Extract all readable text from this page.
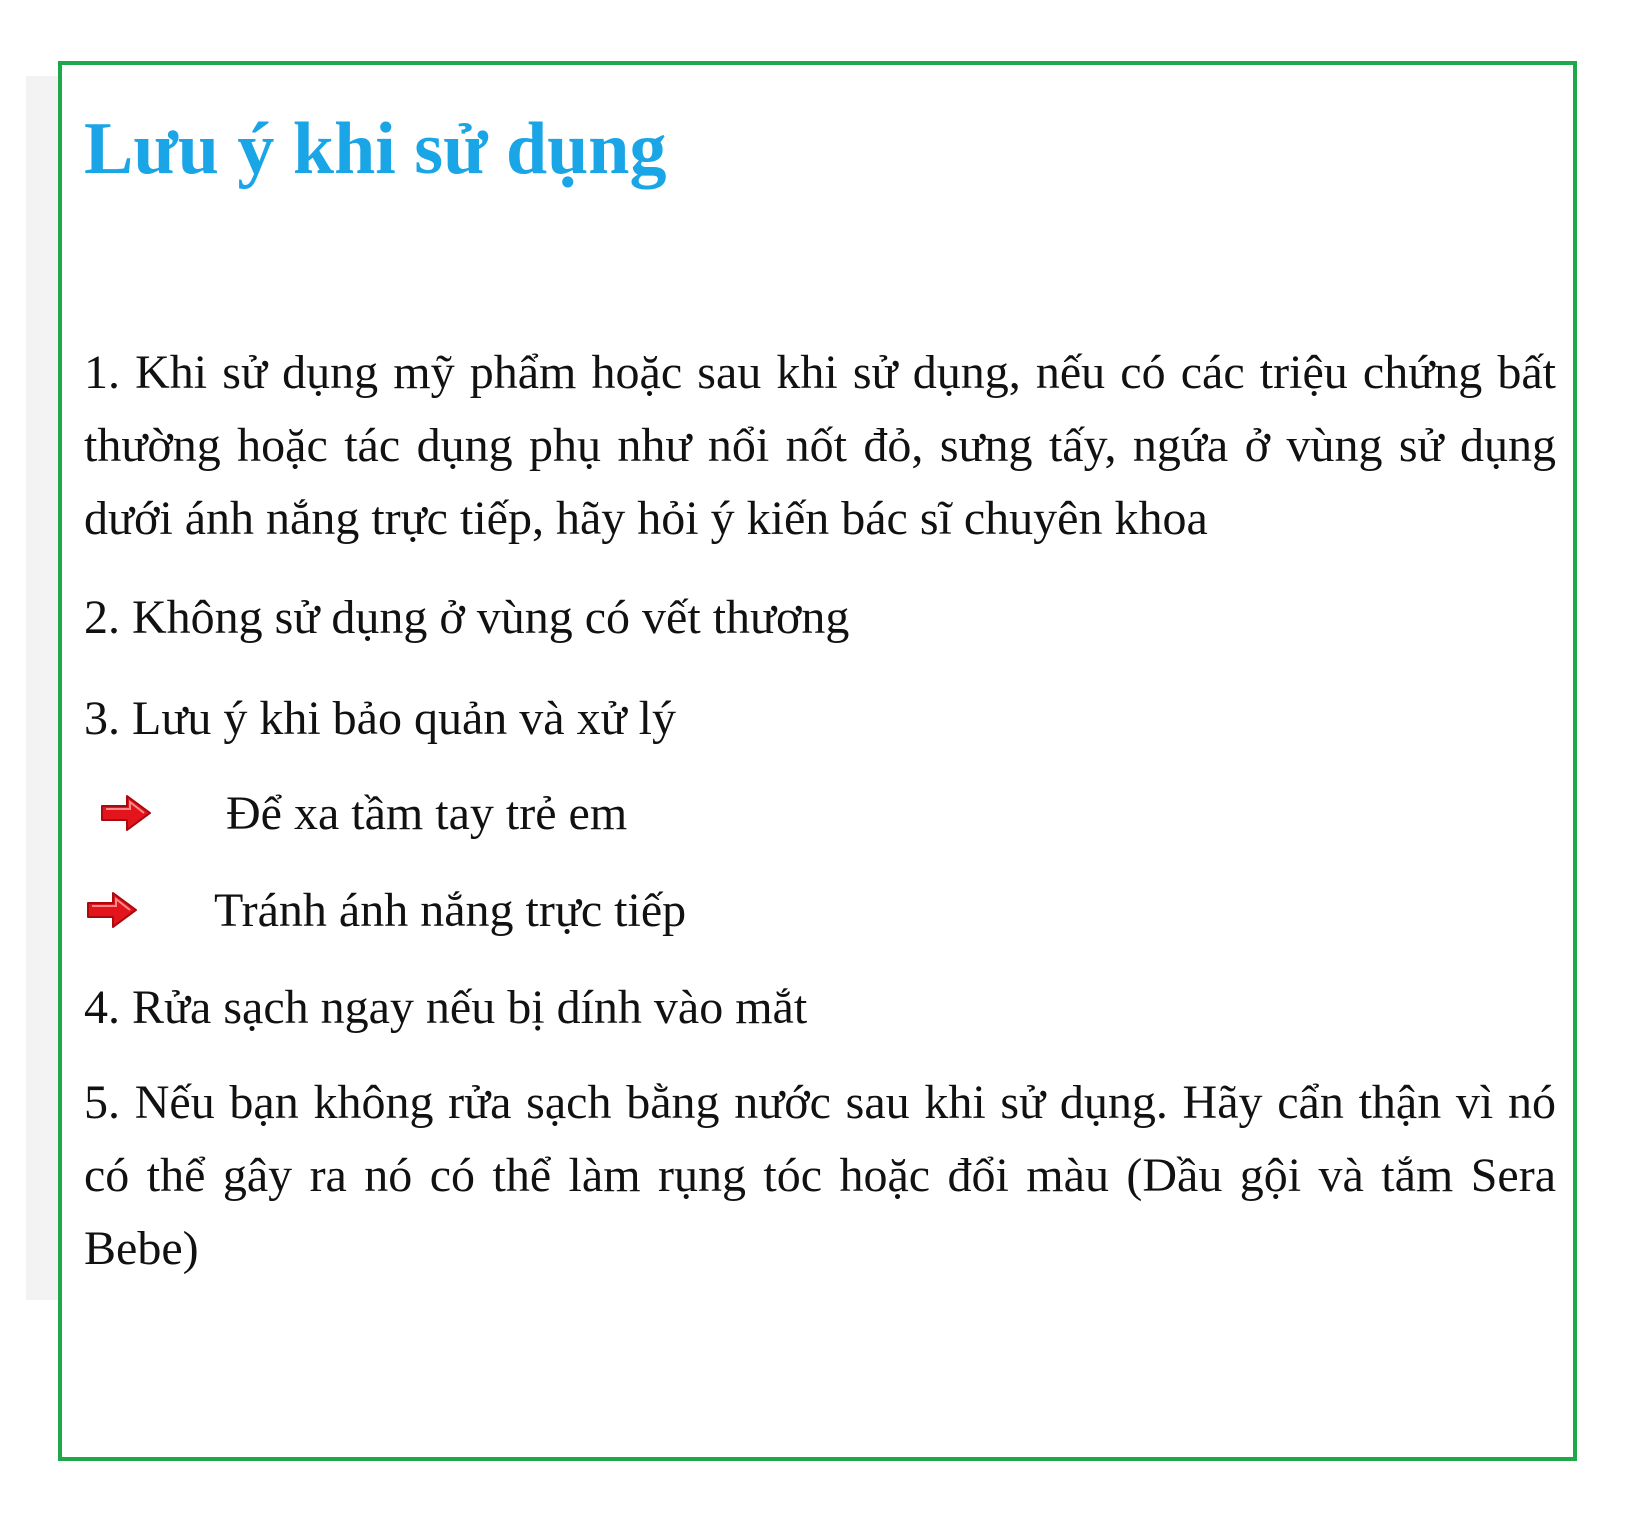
Lưu ý khi sử dụng

1. Khi sử dụng mỹ phẩm hoặc sau khi sử dụng, nếu có các triệu chứng bất thường hoặc tác dụng phụ như nổi nốt đỏ, sưng tấy, ngứa ở vùng sử dụng dưới ánh nắng trực tiếp, hãy hỏi ý kiến bác sĩ chuyên khoa

2. Không sử dụng ở vùng có vết thương

3. Lưu ý khi bảo quản và xử lý

Để xa tầm tay trẻ em
Tránh ánh nắng trực tiếp

4. Rửa sạch ngay nếu bị dính vào mắt

5. Nếu bạn không rửa sạch bằng nước sau khi sử dụng. Hãy cẩn thận vì nó có thể gây ra nó có thể làm rụng tóc hoặc đổi màu (Dầu gội và tắm Sera Bebe)
